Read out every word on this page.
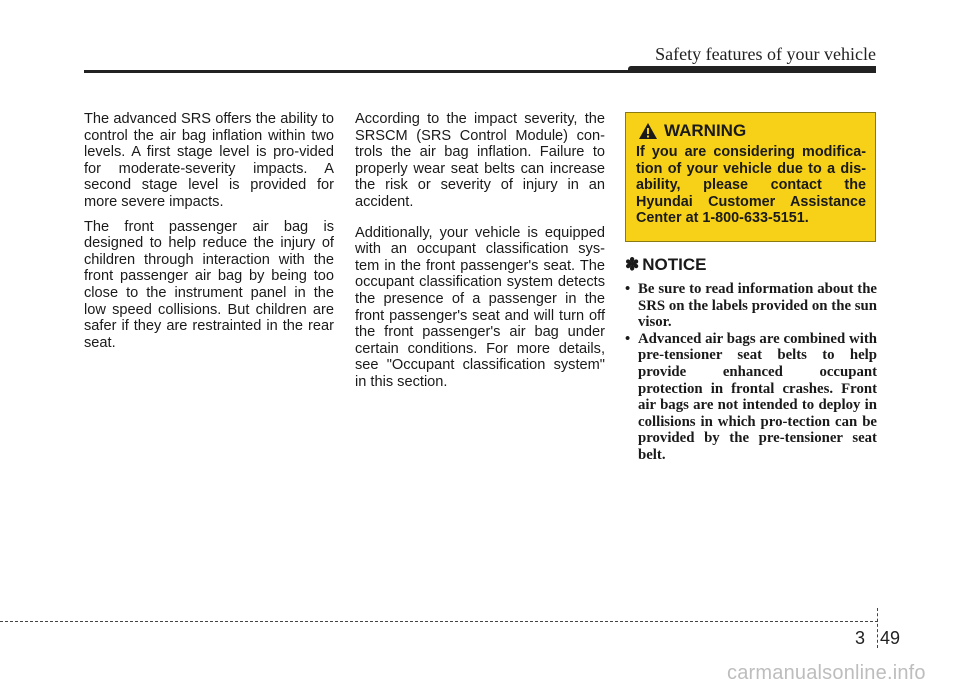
Safety features of your vehicle

The advanced SRS offers the ability to control the air bag inflation within two levels. A first stage level is pro-vided for moderate-severity impacts. A second stage level is provided for more severe impacts.

The front passenger air bag is designed to help reduce the injury of children through interaction with the front passenger air bag by being too close to the instrument panel in the low speed collisions. But children are safer if they are restrainted in the rear seat.

According to the impact severity, the SRSCM (SRS Control Module) con-trols the air bag inflation. Failure to properly wear seat belts can increase the risk or severity of injury in an accident.

Additionally, your vehicle is equipped with an occupant classification sys-tem in the front passenger's seat. The occupant classification system detects the presence of a passenger in the front passenger's seat and will turn off the front passenger's air bag under certain conditions. For more details, see "Occupant classification system" in this section.

WARNING
If you are considering modifica-tion of your vehicle due to a dis-ability, please contact the Hyundai Customer Assistance Center at 1-800-633-5151.
✽ NOTICE
• Be sure to read information about the SRS on the labels provided on the sun visor.
• Advanced air bags are combined with pre-tensioner seat belts to help provide enhanced occupant protection in frontal crashes. Front air bags are not intended to deploy in collisions in which pro-tection can be provided by the pre-tensioner seat belt.
3 49
carmanualsonline.info
